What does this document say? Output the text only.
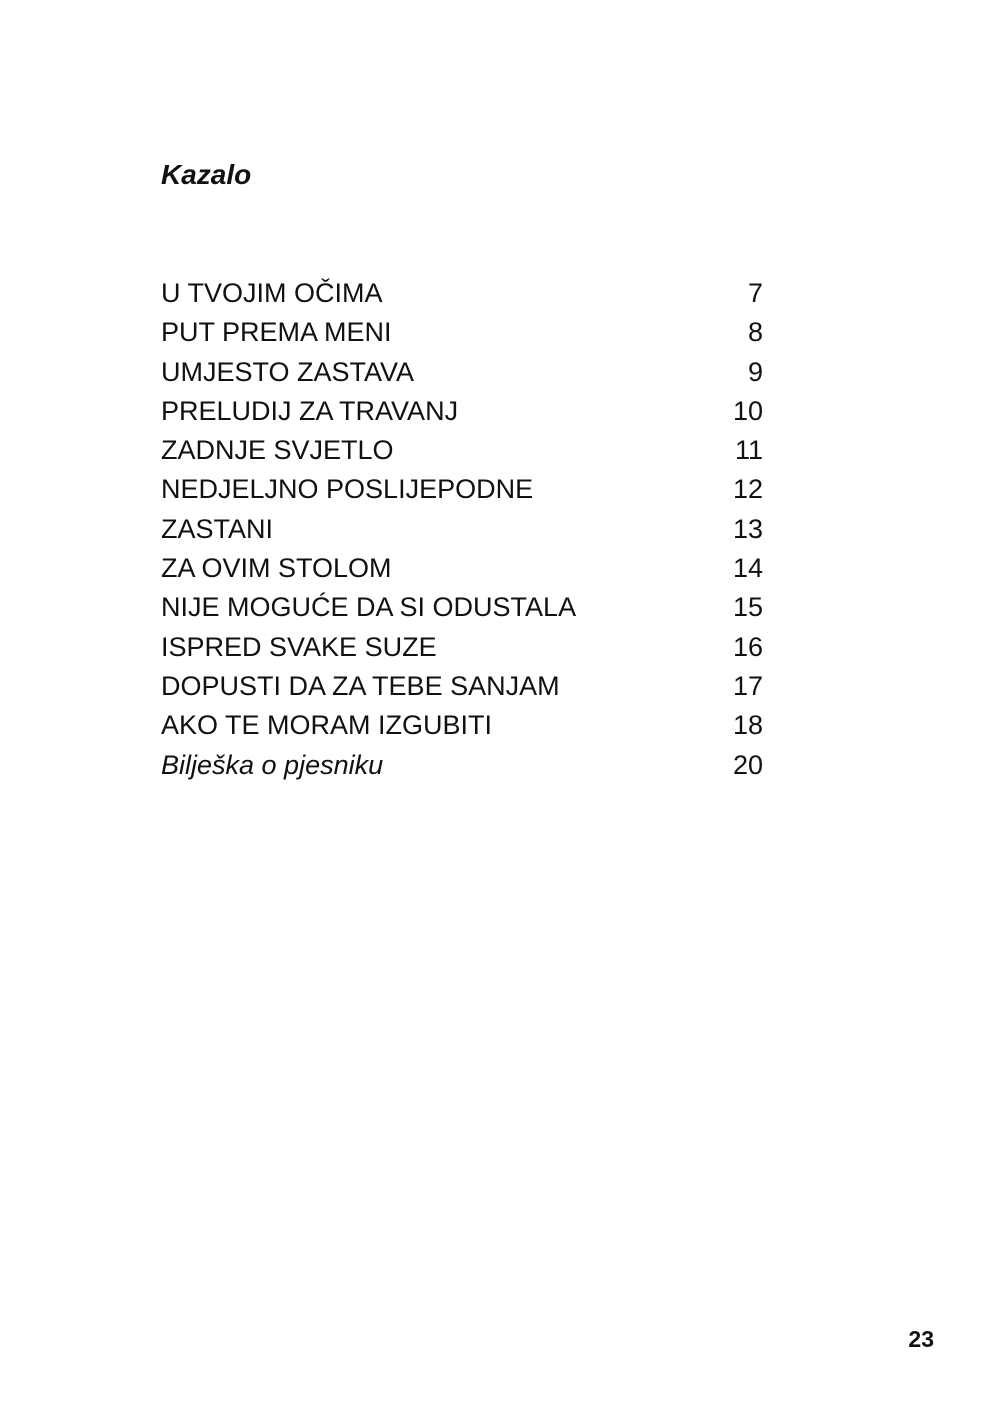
Kazalo
U TVOJIM OČIMA	7
PUT PREMA MENI	8
UMJESTO ZASTAVA	9
PRELUDIJ ZA TRAVANJ	10
ZADNJE SVJETLO	11
NEDJELJNO POSLIJEPODNE	12
ZASTANI	13
ZA OVIM STOLOM	14
NIJE MOGUĆE DA SI ODUSTALA	15
ISPRED SVAKE SUZE	16
DOPUSTI DA ZA TEBE SANJAM	17
AKO TE MORAM IZGUBITI	18
Bilješka o pjesniku	20
23
